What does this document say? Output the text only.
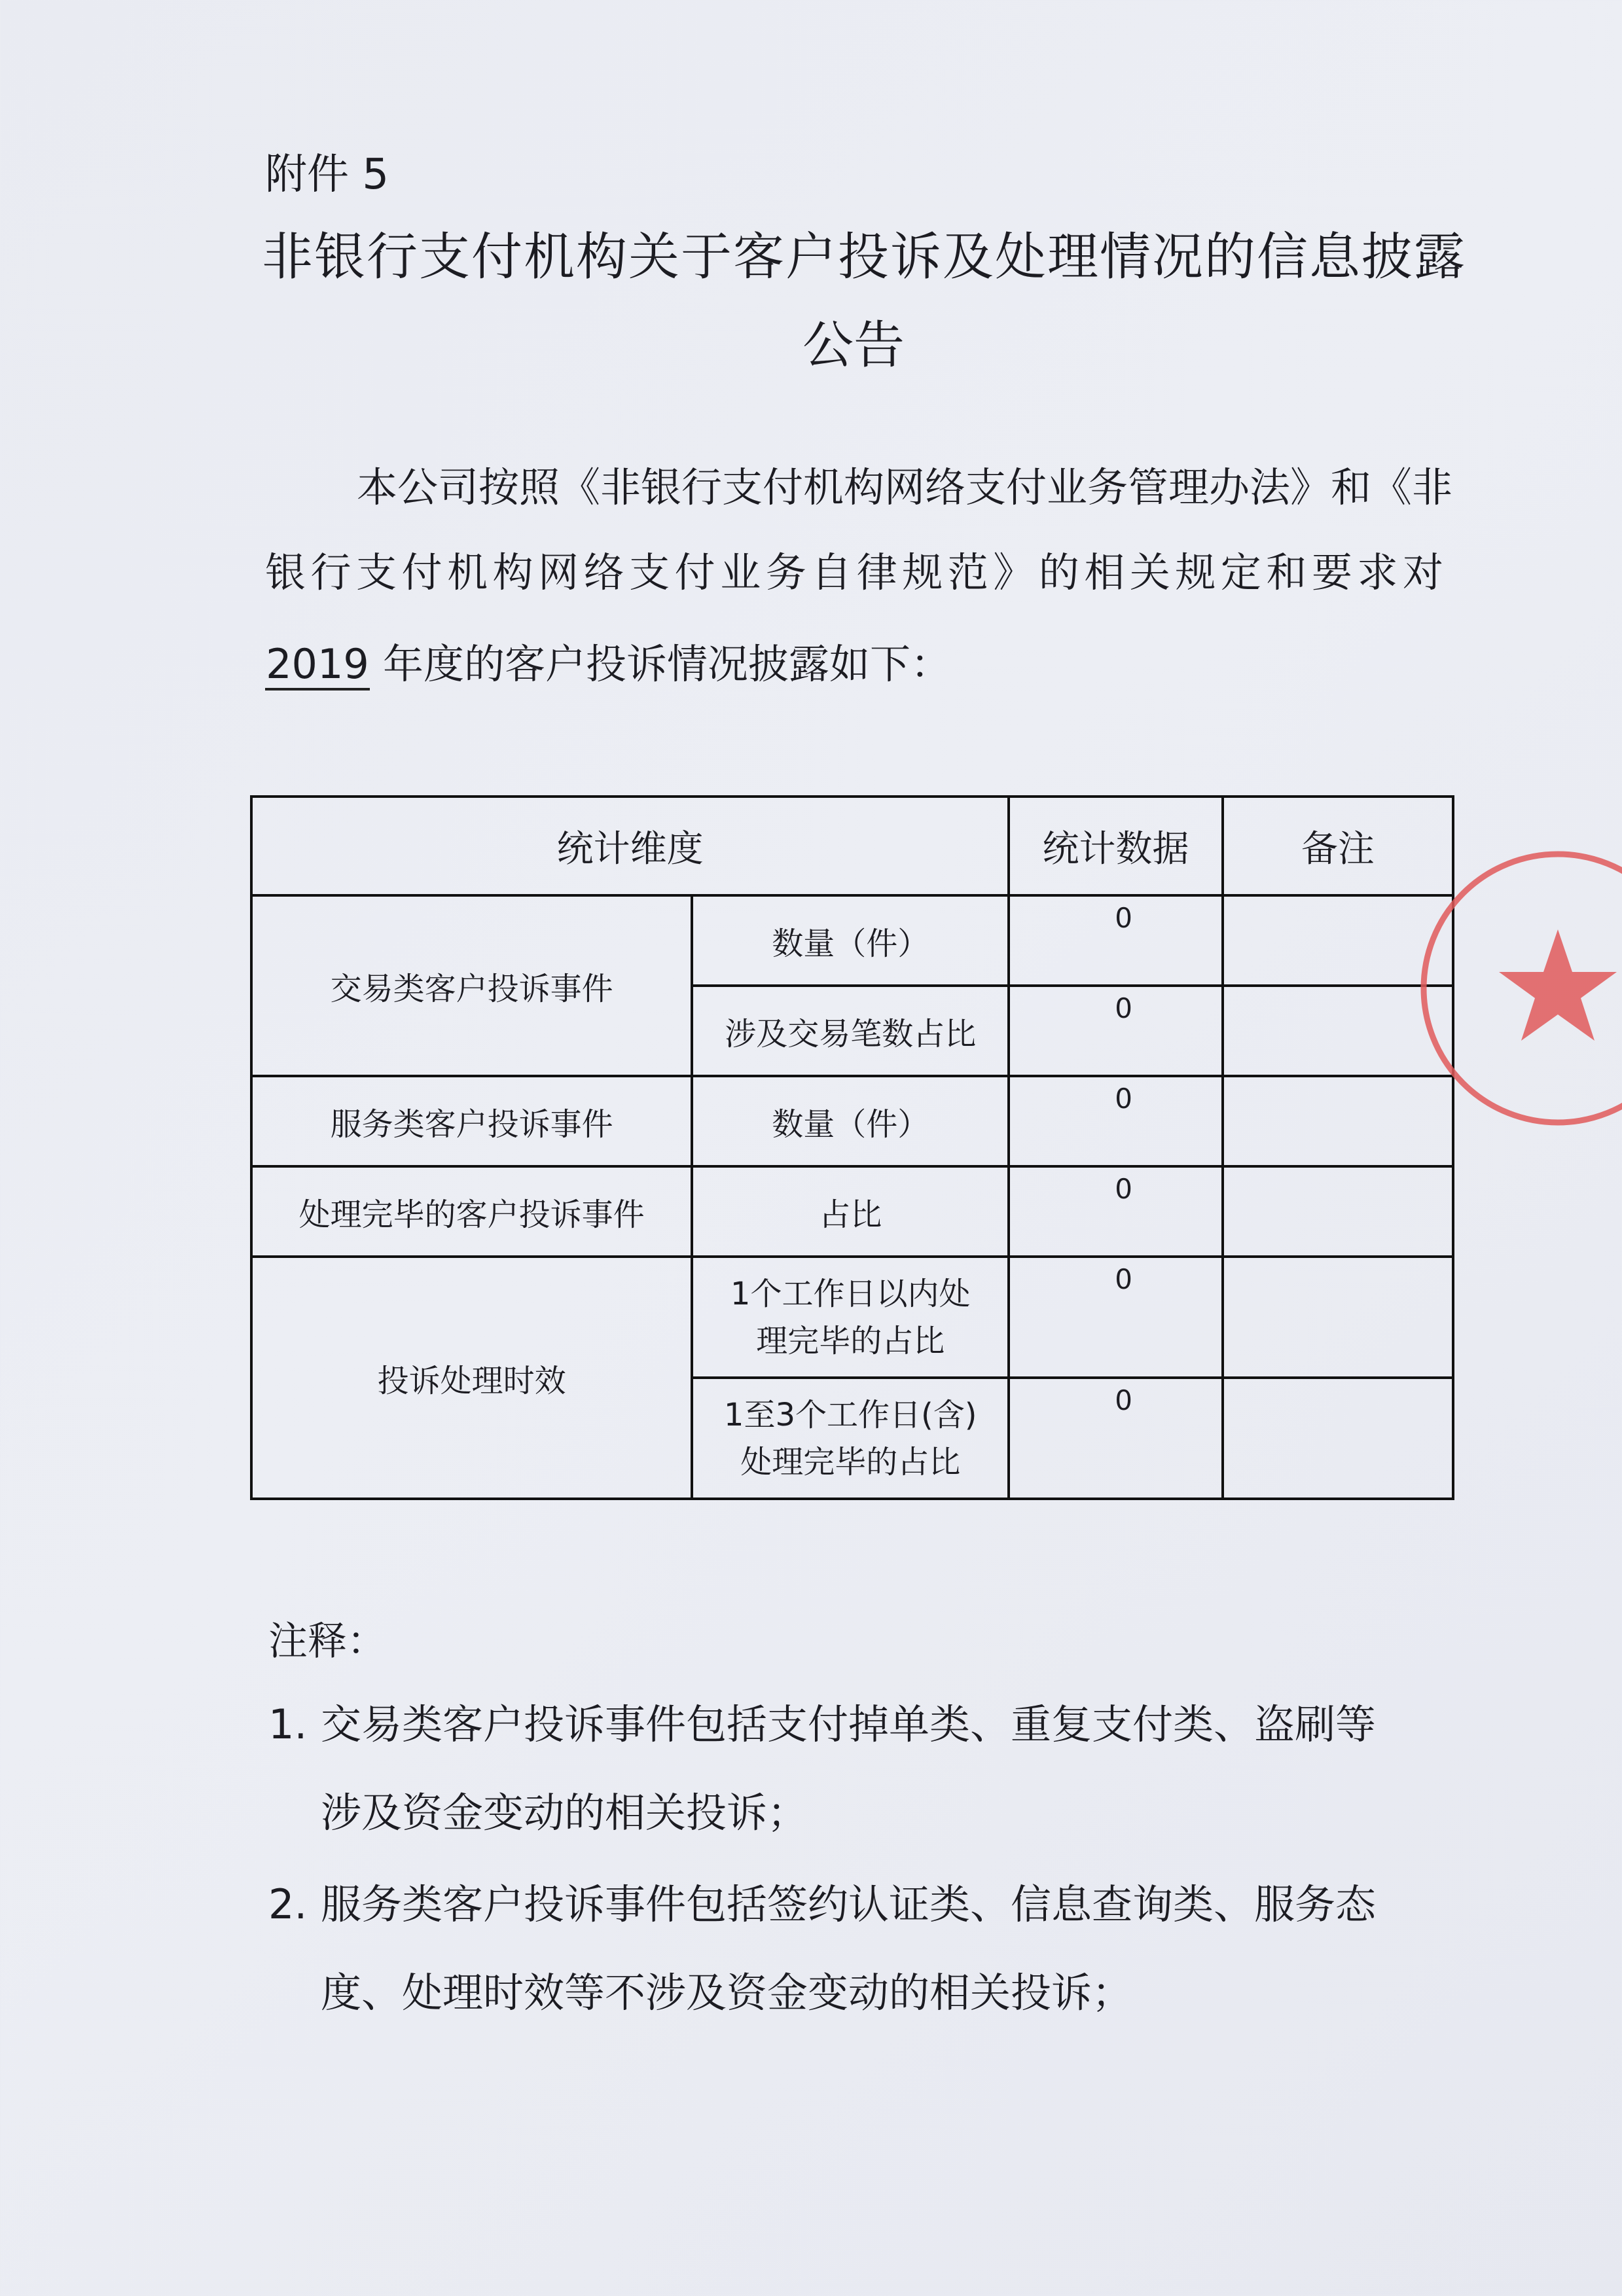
附件 5
非银行支付机构关于客户投诉及处理情况的信息披露
公告
本公司按照《非银行支付机构网络支付业务管理办法》和《非
银行支付机构网络支付业务自律规范》的相关规定和要求对
2019 年度的客户投诉情况披露如下：
统计维度		统计数据	备注
交易类客户投诉事件	数量（件）	0	
	涉及交易笔数占比	0	
服务类客户投诉事件	数量（件）	0	
处理完毕的客户投诉事件	占比	0	
投诉处理时效	1个工作日以内处
理完毕的占比	0	

	1至3个工作日(含)
处理完毕的占比	0	
注释：
1. 交易类客户投诉事件包括支付掉单类、重复支付类、盗刷等
涉及资金变动的相关投诉；
2. 服务类客户投诉事件包括签约认证类、信息查询类、服务态
度、处理时效等不涉及资金变动的相关投诉；
